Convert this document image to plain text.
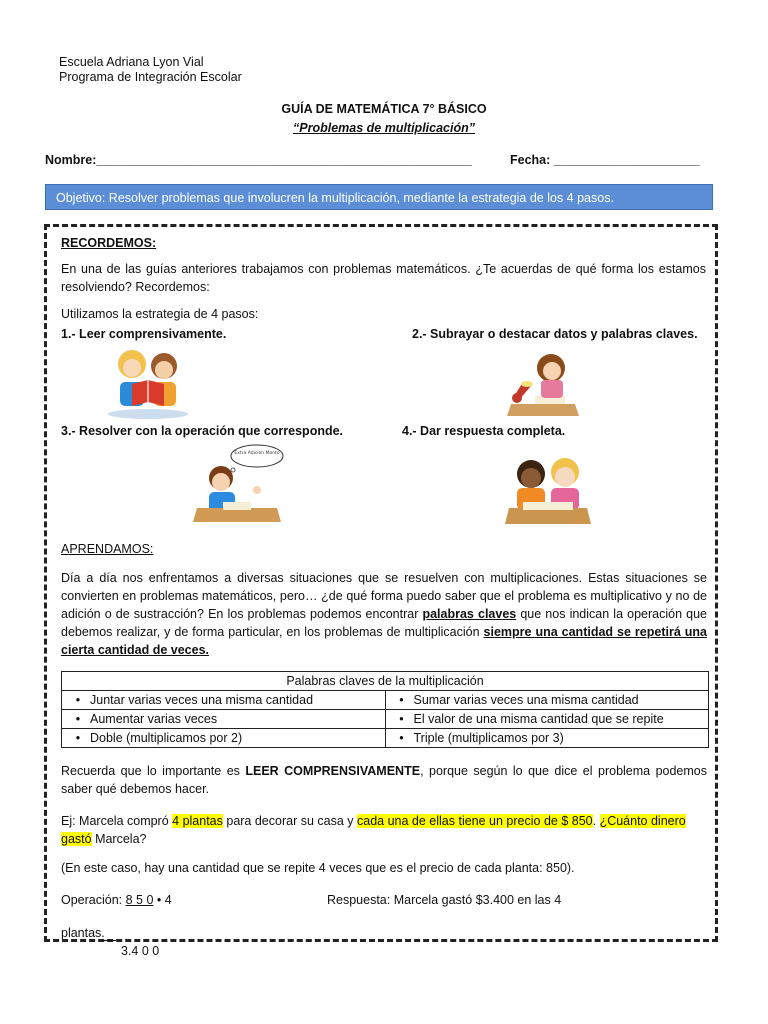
Escuela Adriana Lyon Vial
Programa de Integración Escolar
GUÍA DE MATEMÁTICA 7° BÁSICO
“Problemas de multiplicación”
Nombre:______________________________________________________	Fecha: _____________________
Objetivo: Resolver problemas que involucren la multiplicación, mediante la estrategia de los 4 pasos.
RECORDEMOS:
En una de las guías anteriores trabajamos con problemas matemáticos. ¿Te acuerdas de qué forma los estamos resolviendo? Recordemos:
Utilizamos la estrategia de 4 pasos:
1.- Leer comprensivamente.	2.- Subrayar o destacar datos y palabras claves.
3.- Resolver con la operación que corresponde.	4.- Dar respuesta completa.
Extra Adición Monto
APRENDAMOS:
Día a día nos enfrentamos a diversas situaciones que se resuelven con multiplicaciones. Estas situaciones se convierten en problemas matemáticos, pero… ¿de qué forma puedo saber que el problema es multiplicativo y no de adición o de sustracción? En los problemas podemos encontrar palabras claves que nos indican la operación que debemos realizar, y de forma particular, en los problemas de multiplicación siempre una cantidad se repetirá una cierta cantidad de veces.
Palabras claves de la multiplicación	
• Juntar varias veces una misma cantidad	• Sumar varias veces una misma cantidad
• Aumentar varias veces	• El valor de una misma cantidad que se repite
• Doble (multiplicamos por 2)	• Triple (multiplicamos por 3)
Recuerda que lo importante es LEER COMPRENSIVAMENTE, porque según lo que dice el problema podemos saber qué debemos hacer.
Ej: Marcela compró 4 plantas para decorar su casa y cada una de ellas tiene un precio de $ 850. ¿Cuánto dinero gastó Marcela?
(En este caso, hay una cantidad que se repite 4 veces que es el precio de cada planta: 850).
Operación: 8 5 0 • 4	Respuesta: Marcela gastó $3.400 en las 4
plantas.
3.4 0 0
